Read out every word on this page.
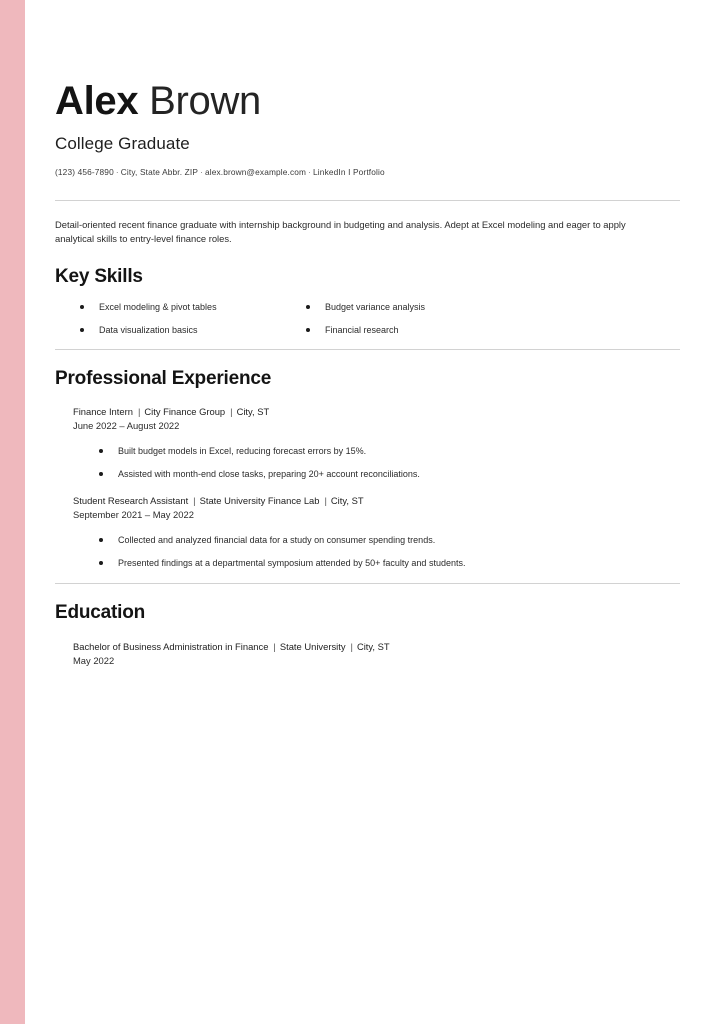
Alex Brown
College Graduate
(123) 456-7890 · City, State Abbr. ZIP · alex.brown@example.com · LinkedIn I Portfolio
Detail-oriented recent finance graduate with internship background in budgeting and analysis. Adept at Excel modeling and eager to apply analytical skills to entry-level finance roles.
Key Skills
Excel modeling & pivot tables	Budget variance analysis
Data visualization basics	Financial research
Professional Experience
Finance Intern | City Finance Group | City, ST
June 2022 – August 2022
Built budget models in Excel, reducing forecast errors by 15%.
Assisted with month-end close tasks, preparing 20+ account reconciliations.
Student Research Assistant | State University Finance Lab | City, ST
September 2021 – May 2022
Collected and analyzed financial data for a study on consumer spending trends.
Presented findings at a departmental symposium attended by 50+ faculty and students.
Education
Bachelor of Business Administration in Finance | State University | City, ST
May 2022
